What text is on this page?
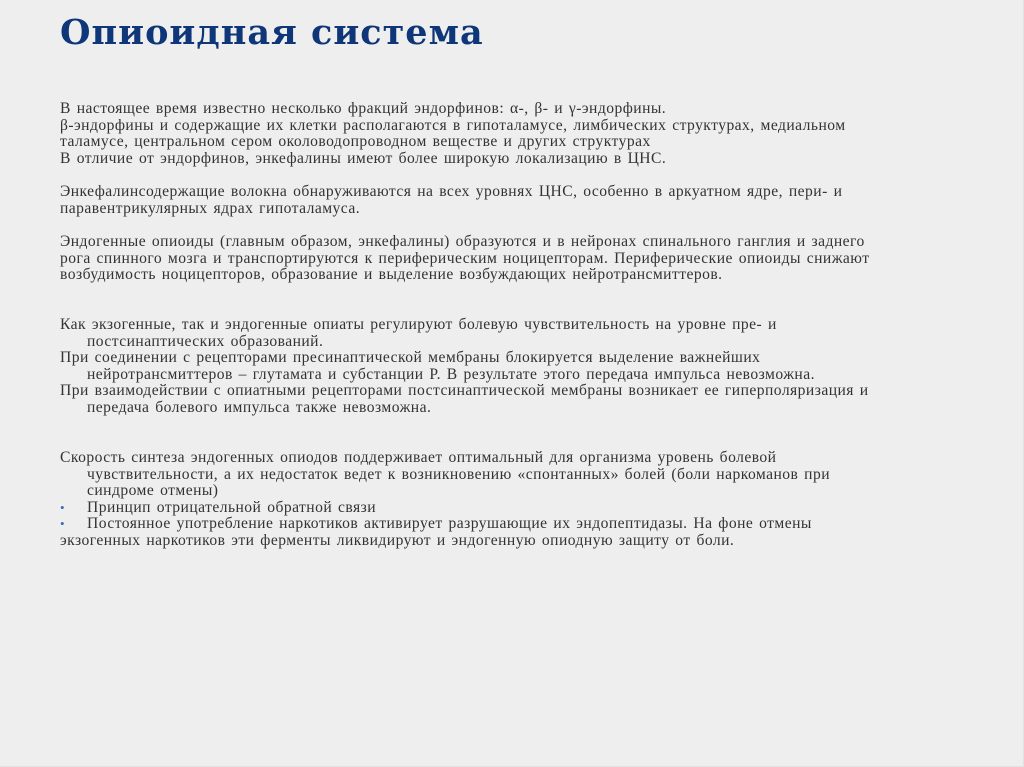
Опиоидная система
В настоящее время известно несколько фракций эндорфинов: α-, β- и γ-эндорфины.
β-эндорфины и содержащие их клетки располагаются в гипоталамусе, лимбических структурах, медиальном
таламусе, центральном сером околоводопроводном веществе и других структурах
В отличие от эндорфинов, энкефалины имеют более широкую локализацию в ЦНС.
Энкефалинсодержащие волокна обнаруживаются на всех уровнях ЦНС, особенно в аркуатном ядре, пери- и
паравентрикулярных ядрах гипоталамуса.
Эндогенные опиоиды (главным образом, энкефалины) образуются и в нейронах спинального ганглия и заднего
рога спинного мозга и транспортируются к периферическим ноцицепторам. Периферические опиоиды снижают
возбудимость ноцицепторов, образование и выделение возбуждающих нейротрансмиттеров.
Как экзогенные, так и эндогенные опиаты регулируют болевую чувствительность на уровне пре- и
постсинаптических образований.
При соединении с рецепторами пресинаптической мембраны блокируется выделение важнейших
нейротрансмиттеров – глутамата и субстанции Р. В результате этого передача импульса невозможна.
При взаимодействии с опиатными рецепторами постсинаптической мембраны возникает ее гиперполяризация и
передача болевого импульса также невозможна.
Скорость синтеза эндогенных опиодов поддерживает оптимальный для организма уровень болевой
чувствительности, а их недостаток ведет к возникновению «спонтанных» болей (боли наркоманов при
синдроме отмены)
• Принцип отрицательной обратной связи
• Постоянное употребление наркотиков активирует разрушающие их эндопептидазы. На фоне отмены
экзогенных наркотиков эти ферменты ликвидируют и эндогенную опиодную защиту от боли.
